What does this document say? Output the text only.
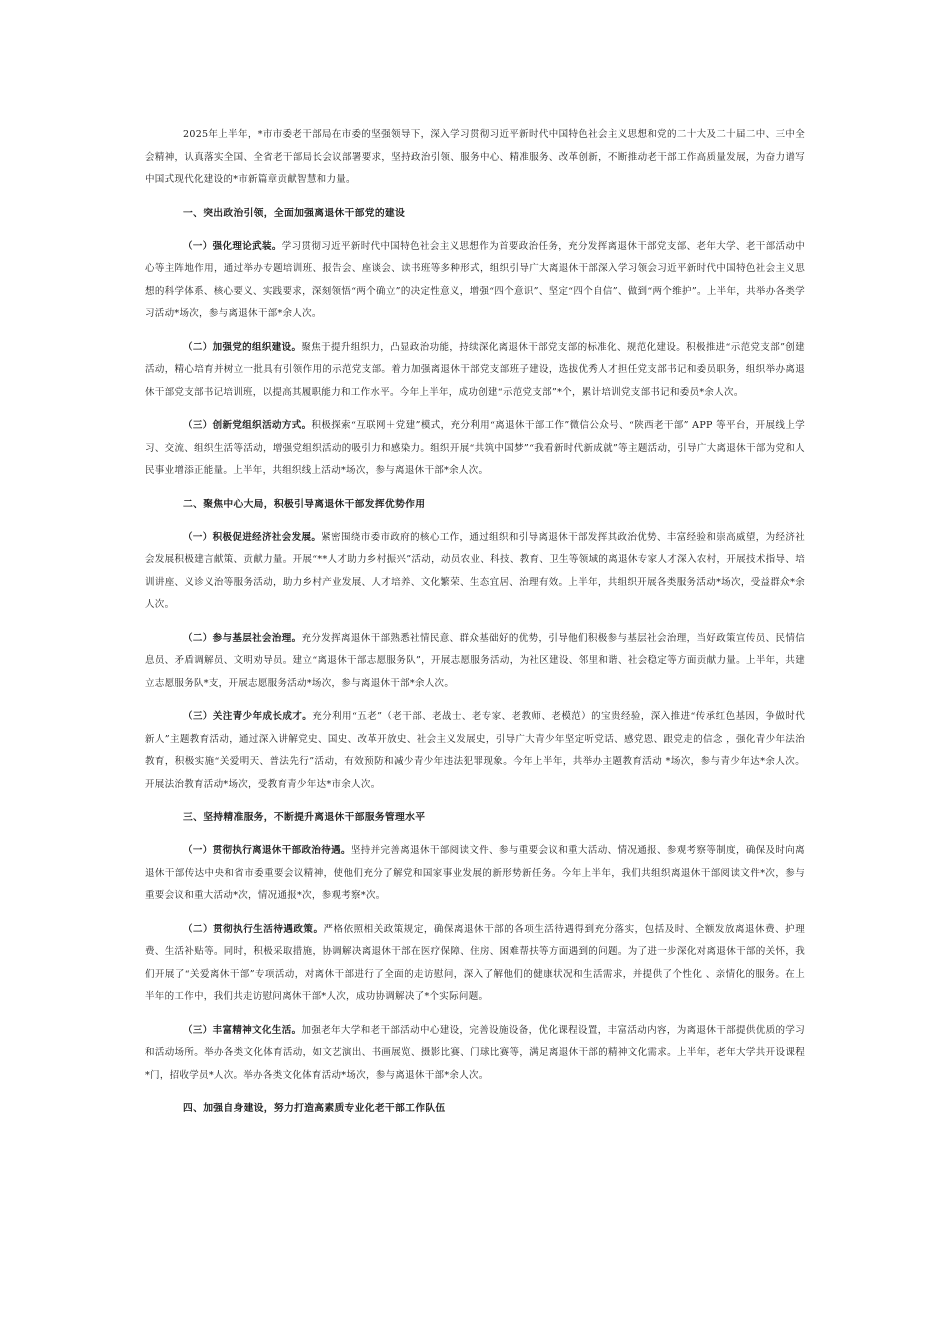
2025年上半年，*市市委老干部局在市委的坚强领导下，深入学习贯彻习近平新时代中国特色社会主义思想和党的二十大及二十届二中、三中全会精神，认真落实全国、全省老干部局长会议部署要求，坚持政治引领、服务中心、精准服务、改革创新，不断推动老干部工作高质量发展，为奋力谱写中国式现代化建设的*市新篇章贡献智慧和力量。

一、突出政治引领，全面加强离退休干部党的建设

（一）强化理论武装。学习贯彻习近平新时代中国特色社会主义思想作为首要政治任务，充分发挥离退休干部党支部、老年大学、老干部活动中心等主阵地作用，通过举办专题培训班、报告会、座谈会、读书班等多种形式，组织引导广大离退休干部深入学习领会习近平新时代中国特色社会主义思想的科学体系、核心要义、实践要求，深刻领悟“两个确立”的决定性意义，增强“四个意识”、坚定“四个自信”、做到“两个维护”。上半年，共举办各类学习活动*场次，参与离退休干部*余人次。

（二）加强党的组织建设。聚焦于提升组织力，凸显政治功能，持续深化离退休干部党支部的标准化、规范化建设。积极推进“示范党支部”创建活动，精心培育并树立一批具有引领作用的示范党支部。着力加强离退休干部党支部班子建设，选拔优秀人才担任党支部书记和委员职务，组织举办离退休干部党支部书记培训班，以提高其履职能力和工作水平。今年上半年，成功创建“示范党支部”*个，累计培训党支部书记和委员*余人次。

（三）创新党组织活动方式。积极探索“互联网＋党建”模式，充分利用“离退休干部工作”微信公众号、“陕西老干部” APP 等平台，开展线上学习、交流、组织生活等活动，增强党组织活动的吸引力和感染力。组织开展“共筑中国梦”“我看新时代新成就”等主题活动，引导广大离退休干部为党和人民事业增添正能量。上半年，共组织线上活动*场次，参与离退休干部*余人次。

二、聚焦中心大局，积极引导离退休干部发挥优势作用

（一）积极促进经济社会发展。紧密围绕市委市政府的核心工作，通过组织和引导离退休干部发挥其政治优势、丰富经验和崇高威望，为经济社会发展积极建言献策、贡献力量。开展“**人才助力乡村振兴”活动，动员农业、科技、教育、卫生等领域的离退休专家人才深入农村，开展技术指导、培训讲座、义诊义治等服务活动，助力乡村产业发展、人才培养、文化繁荣、生态宜居、治理有效。上半年，共组织开展各类服务活动*场次，受益群众*余人次。

（二）参与基层社会治理。充分发挥离退休干部熟悉社情民意、群众基础好的优势，引导他们积极参与基层社会治理，当好政策宣传员、民情信息员、矛盾调解员、文明劝导员。建立“离退休干部志愿服务队”，开展志愿服务活动，为社区建设、邻里和谐、社会稳定等方面贡献力量。上半年，共建立志愿服务队*支，开展志愿服务活动*场次，参与离退休干部*余人次。

（三）关注青少年成长成才。充分利用“五老”（老干部、老战士、老专家、老教师、老模范）的宝贵经验，深入推进“传承红色基因，争做时代新人”主题教育活动，通过深入讲解党史、国史、改革开放史、社会主义发展史，引导广大青少年坚定听党话、感党恩、跟党走的信念 ，强化青少年法治教育，积极实施“关爱明天、普法先行”活动，有效预防和减少青少年违法犯罪现象。今年上半年，共举办主题教育活动 *场次，参与青少年达*余人次。开展法治教育活动*场次，受教育青少年达*市余人次。

三、坚持精准服务，不断提升离退休干部服务管理水平

（一）贯彻执行离退休干部政治待遇。坚持并完善离退休干部阅读文件、参与重要会议和重大活动、情况通报、参观考察等制度，确保及时向离退休干部传达中央和省市委重要会议精神，使他们充分了解党和国家事业发展的新形势新任务。今年上半年，我们共组织离退休干部阅读文件*次，参与重要会议和重大活动*次，情况通报*次，参观考察*次。

（二）贯彻执行生活待遇政策。严格依照相关政策规定，确保离退休干部的各项生活待遇得到充分落实，包括及时、全额发放离退休费、护理费、生活补贴等。同时，积极采取措施，协调解决离退休干部在医疗保障、住房、困难帮扶等方面遇到的问题。为了进一步深化对离退休干部的关怀，我们开展了“关爱离休干部”专项活动，对离休干部进行了全面的走访慰问，深入了解他们的健康状况和生活需求，并提供了个性化 、亲情化的服务。在上半年的工作中，我们共走访慰问离休干部*人次，成功协调解决了*个实际问题。

（三）丰富精神文化生活。加强老年大学和老干部活动中心建设，完善设施设备，优化课程设置，丰富活动内容，为离退休干部提供优质的学习和活动场所。举办各类文化体育活动，如文艺演出、书画展览、摄影比赛、门球比赛等，满足离退休干部的精神文化需求。上半年，老年大学共开设课程*门，招收学员*人次。举办各类文化体育活动*场次，参与离退休干部*余人次。

四、加强自身建设，努力打造高素质专业化老干部工作队伍
